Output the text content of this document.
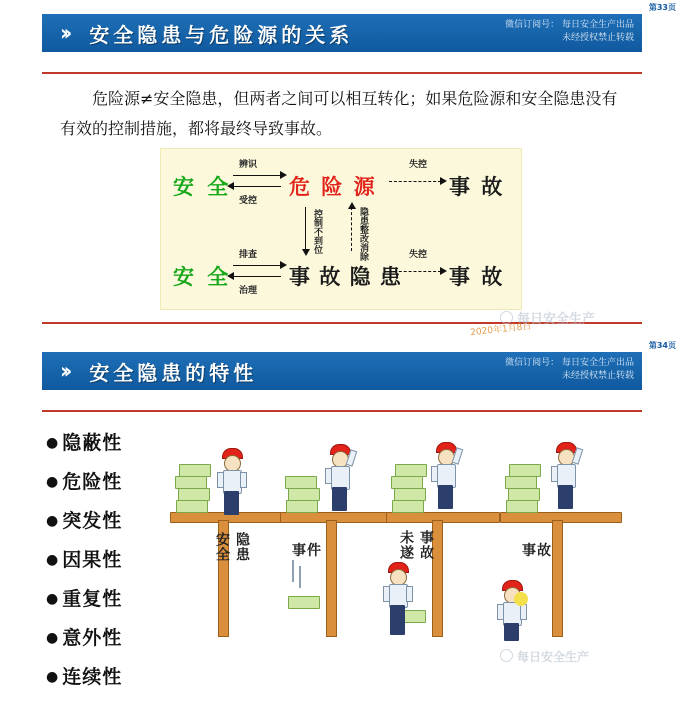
第33页
›› 安全隐患与危险源的关系	微信订阅号： 每日安全生产出品
未经授权禁止转载
危险源≠安全隐患，但两者之间可以相互转化；如果危险源和安全隐患没有有效的控制措施，都将最终导致事故。
安 全
辨识
受控
危 险 源
失控
事 故
控制不到位	隐患整改消除
安 全
排查
治理
事 故 隐 患
失控
事 故
每日安全生产
2020年1月8日
第34页
›› 安全隐患的特性	微信订阅号： 每日安全生产出品
未经授权禁止转载
● 隐蔽性
● 危险性
● 突发性
● 因果性
● 重复性
● 意外性
● 连续性
安全 隐患	事件	未遂 事故	事故
每日安全生产
